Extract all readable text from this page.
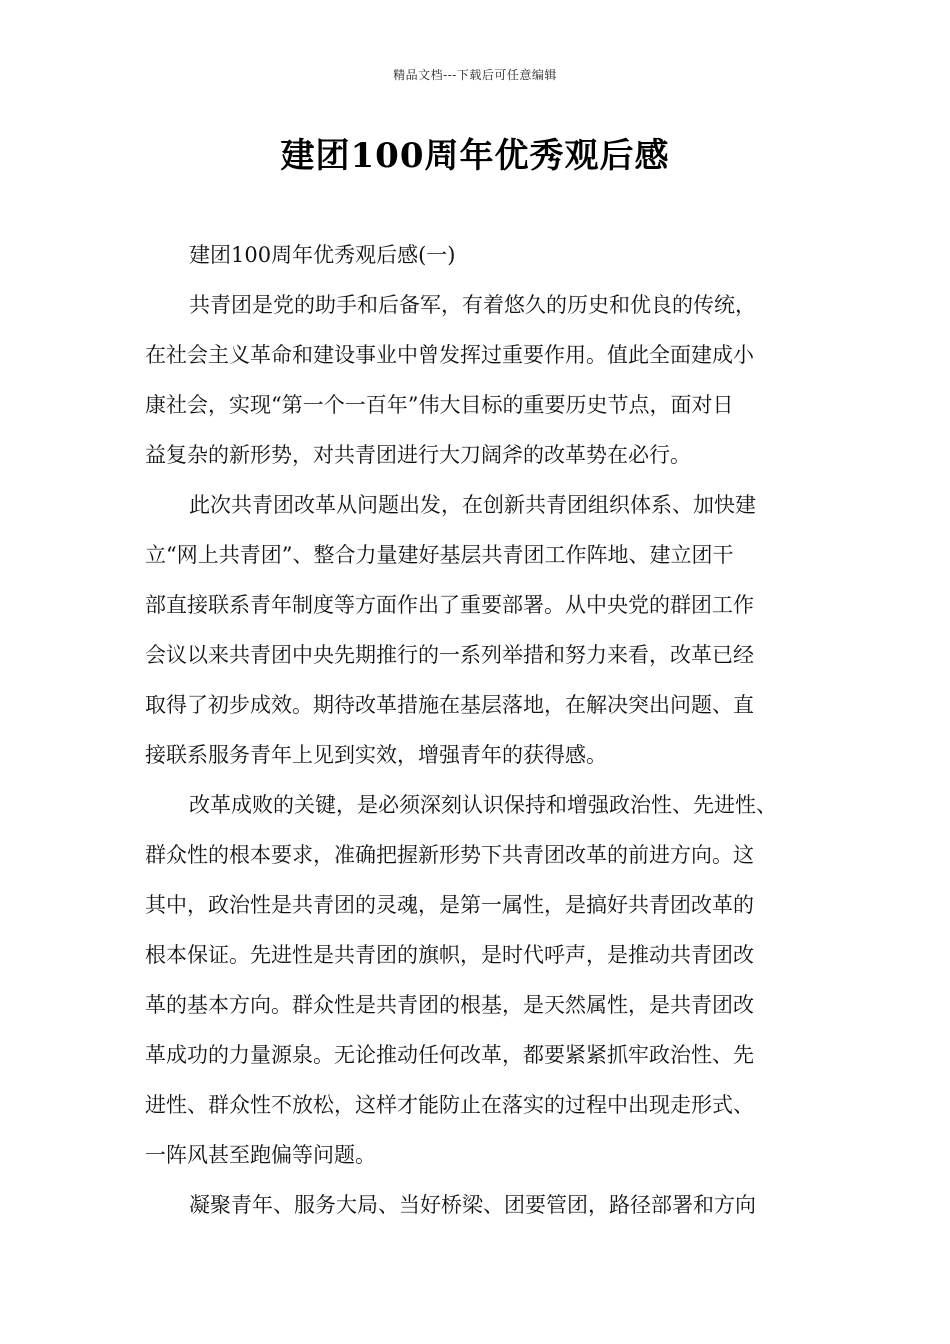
精品文档---下载后可任意编辑
建团100周年优秀观后感

建团100周年优秀观后感(一)

共青团是党的助手和后备军，有着悠久的历史和优良的传统，
在社会主义革命和建设事业中曾发挥过重要作用。值此全面建成小
康社会，实现“第一个一百年”伟大目标的重要历史节点，面对日
益复杂的新形势，对共青团进行大刀阔斧的改革势在必行。

此次共青团改革从问题出发，在创新共青团组织体系、加快建
立“网上共青团”、整合力量建好基层共青团工作阵地、建立团干
部直接联系青年制度等方面作出了重要部署。从中央党的群团工作
会议以来共青团中央先期推行的一系列举措和努力来看，改革已经
取得了初步成效。期待改革措施在基层落地，在解决突出问题、直
接联系服务青年上见到实效，增强青年的获得感。

改革成败的关键，是必须深刻认识保持和增强政治性、先进性、
群众性的根本要求，准确把握新形势下共青团改革的前进方向。这
其中，政治性是共青团的灵魂，是第一属性，是搞好共青团改革的
根本保证。先进性是共青团的旗帜，是时代呼声，是推动共青团改
革的基本方向。群众性是共青团的根基，是天然属性，是共青团改
革成功的力量源泉。无论推动任何改革，都要紧紧抓牢政治性、先
进性、群众性不放松，这样才能防止在落实的过程中出现走形式、
一阵风甚至跑偏等问题。

凝聚青年、服务大局、当好桥梁、团要管团，路径部署和方向
